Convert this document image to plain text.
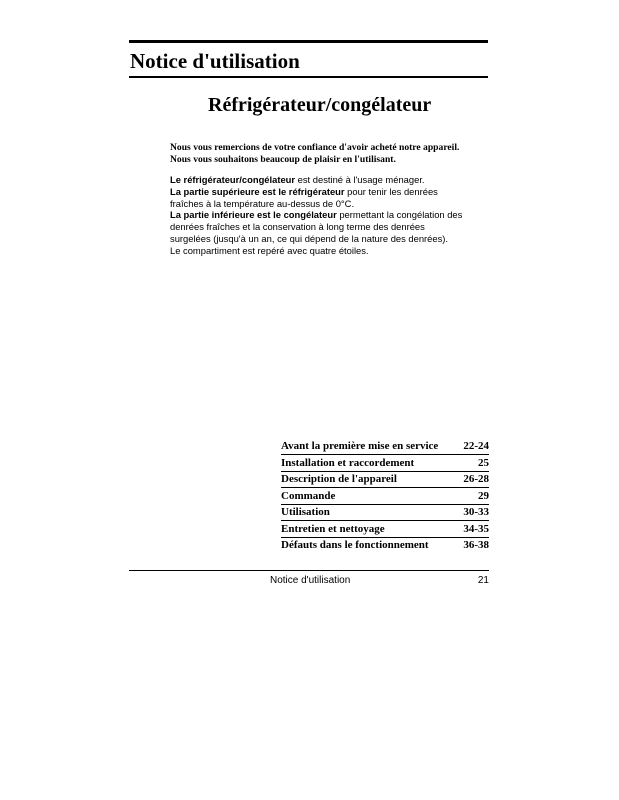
Notice d'utilisation
Réfrigérateur/congélateur
Nous vous remercions de votre confiance d'avoir acheté notre appareil.
Nous vous souhaitons beaucoup de plaisir en l'utilisant.
Le réfrigérateur/congélateur est destiné à l'usage ménager.
La partie supérieure est le réfrigérateur pour tenir les denrées
fraîches à la température au-dessus de 0°C.
La partie inférieure est le congélateur permettant la congélation des
denrées fraîches et la conservation à long terme des denrées
surgelées (jusqu'à un an, ce qui dépend de la nature des denrées).
Le compartiment est repéré avec quatre étoiles.
Avant la première mise en service 22-24
Installation et raccordement	25
Description de l'appareil	26-28
Commande	29
Utilisation	30-33
Entretien et nettoyage	34-35
Défauts dans le fonctionnement	36-38
Notice d'utilisation	21
